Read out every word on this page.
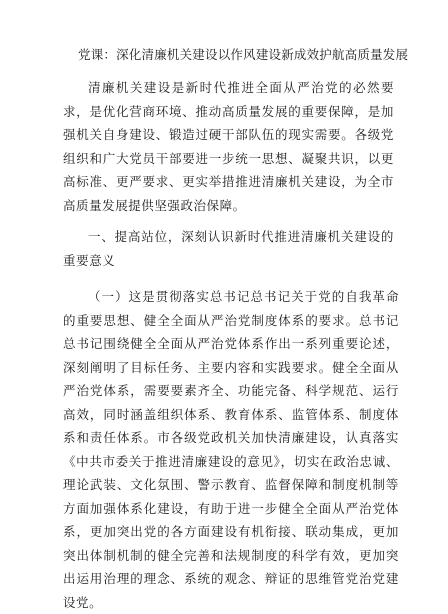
党课：深化清廉机关建设以作风建设新成效护航高质量发展

清廉机关建设是新时代推进全面从严治党的必然要求，是优化营商环境、推动高质量发展的重要保障，是加强机关自身建设、锻造过硬干部队伍的现实需要。各级党组织和广大党员干部要进一步统一思想、凝聚共识，以更高标准、更严要求、更实举措推进清廉机关建设，为全市高质量发展提供坚强政治保障。

一、提高站位，深刻认识新时代推进清廉机关建设的重要意义

（一）这是贯彻落实总书记总书记关于党的自我革命的重要思想、健全全面从严治党制度体系的要求。总书记总书记围绕健全全面从严治党体系作出一系列重要论述，深刻阐明了目标任务、主要内容和实践要求。健全全面从严治党体系，需要要素齐全、功能完备、科学规范、运行高效，同时涵盖组织体系、教育体系、监管体系、制度体系和责任体系。市各级党政机关加快清廉建设，认真落实《中共市委关于推进清廉建设的意见》，切实在政治忠诚、理论武装、文化氛围、警示教育、监督保障和制度机制等方面加强体系化建设，有助于进一步健全全面从严治党体系，更加突出党的各方面建设有机衔接、联动集成，更加突出体制机制的健全完善和法规制度的科学有效，更加突出运用治理的理念、系统的观念、辩证的思维管党治党建设党。
